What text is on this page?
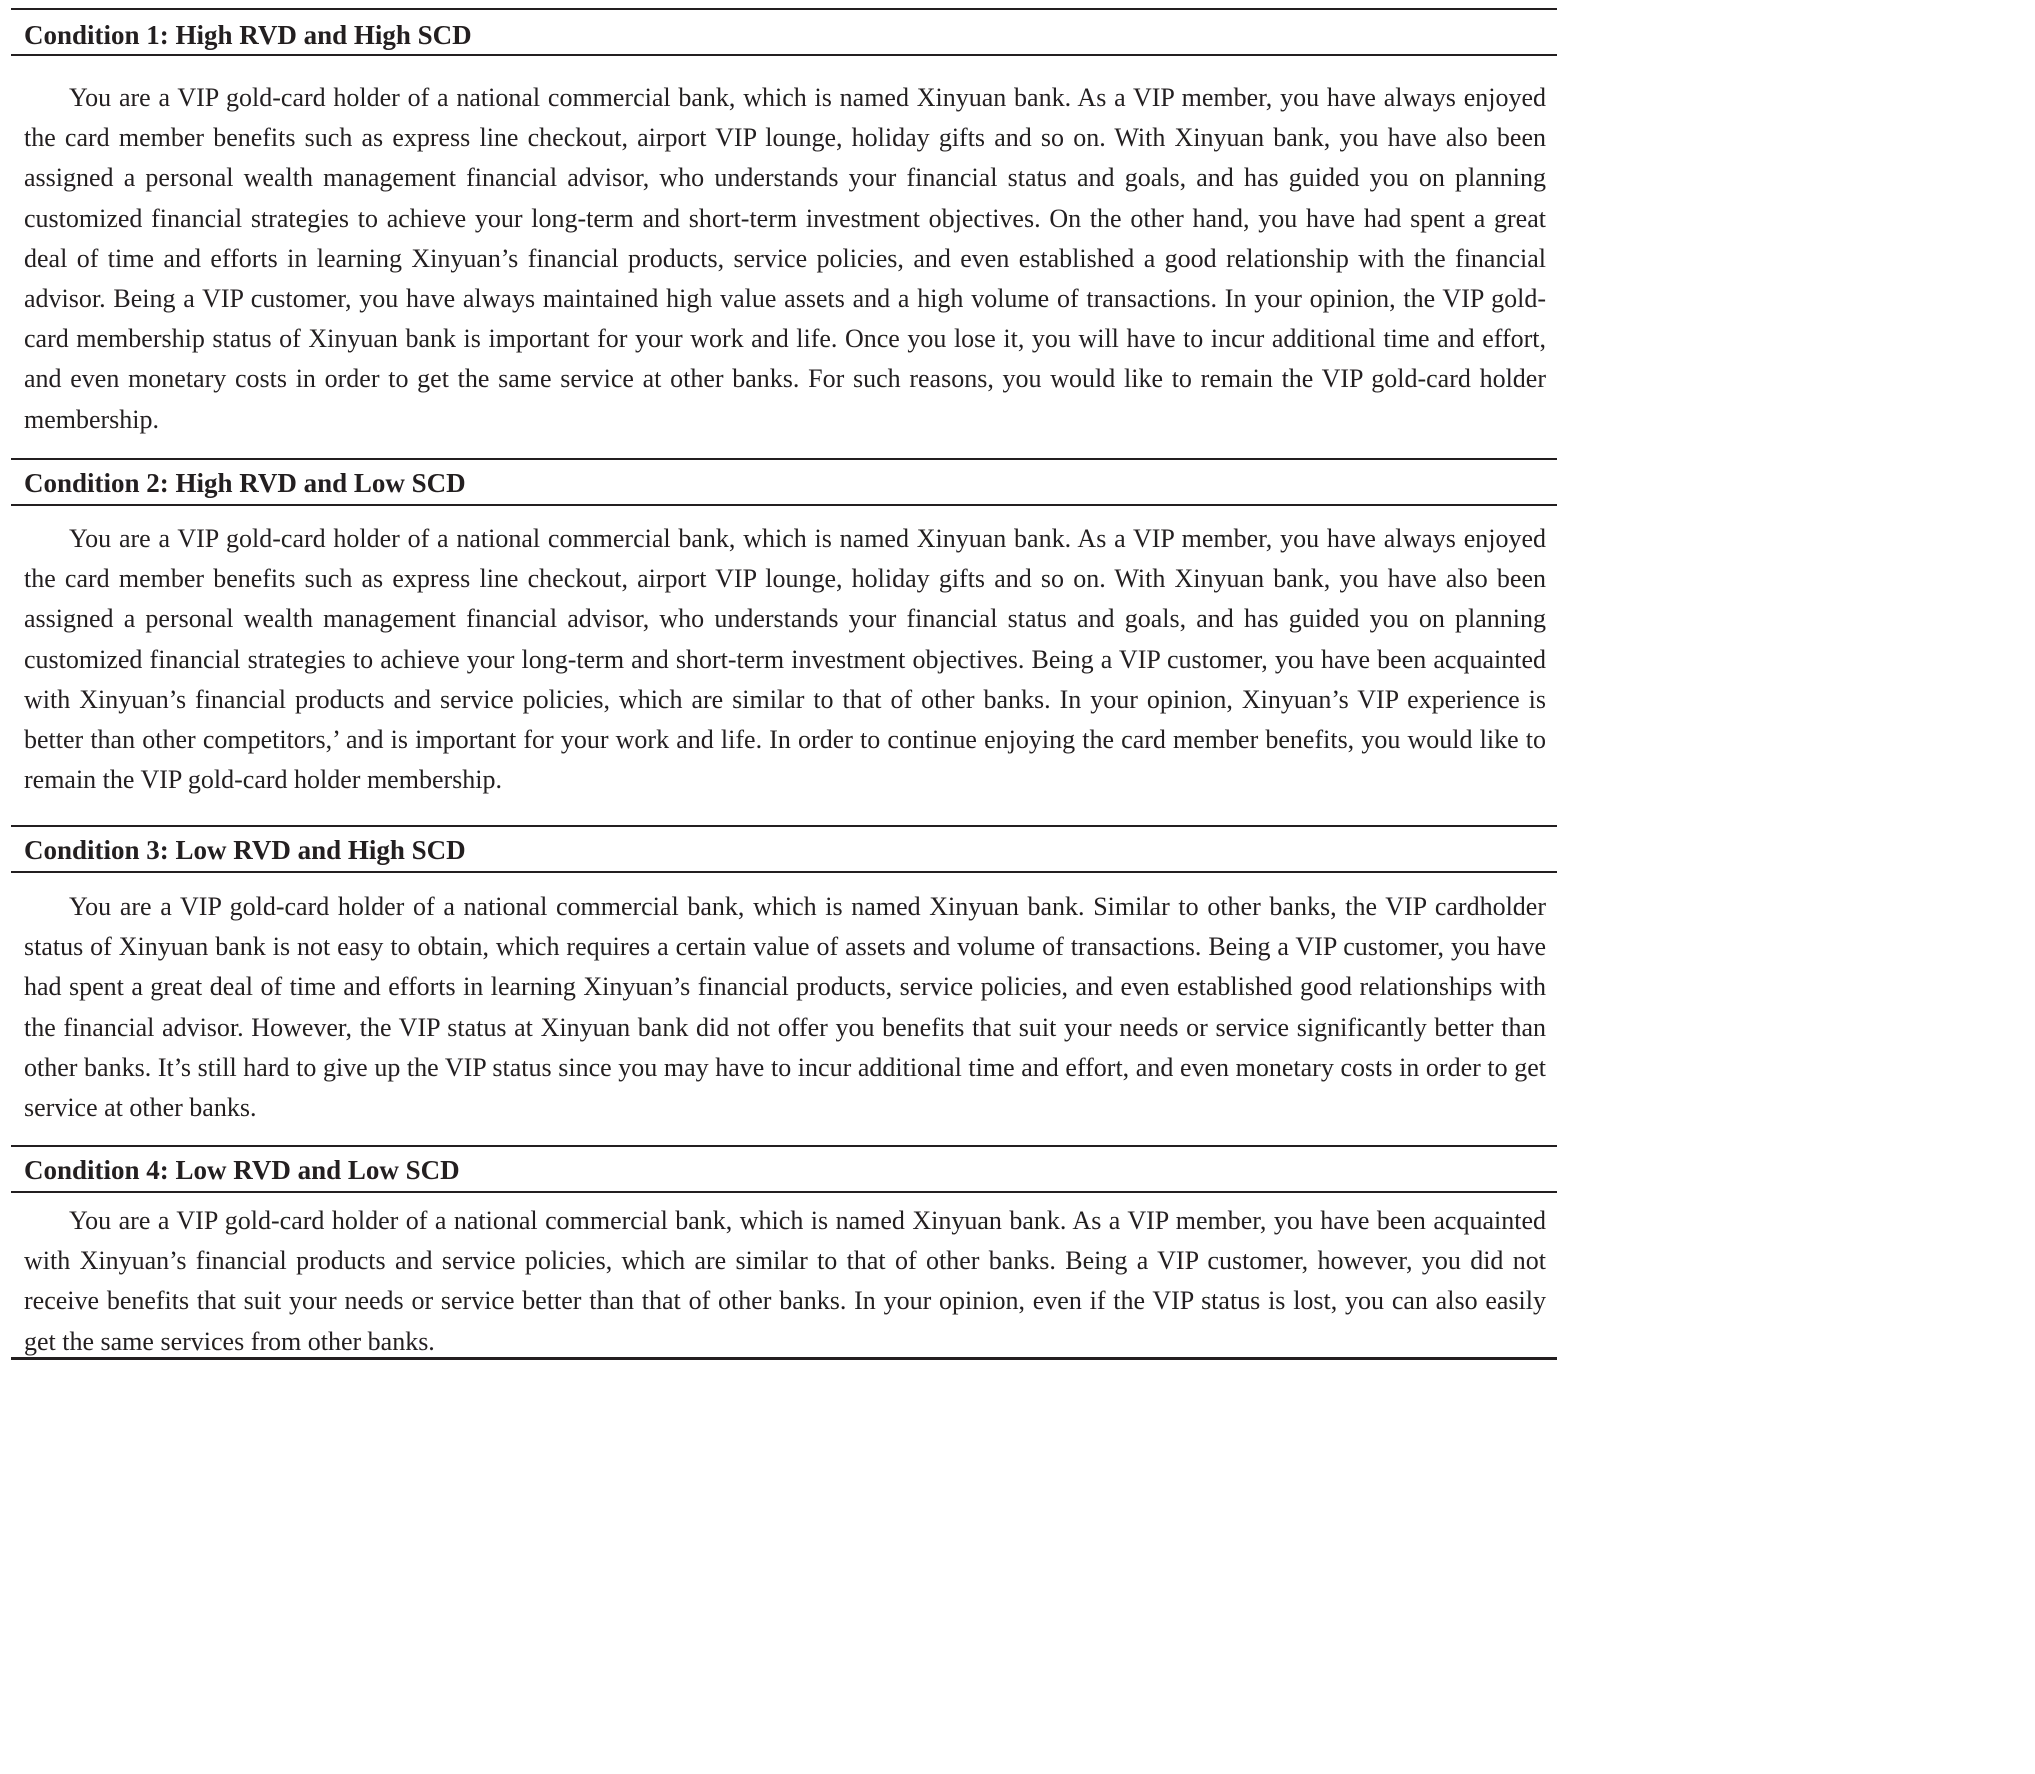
Condition 1: High RVD and High SCD

You are a VIP gold-card holder of a national commercial bank, which is named Xinyuan bank. As a VIP member, you have always enjoyed the card member benefits such as express line checkout, airport VIP lounge, holiday gifts and so on. With Xinyuan bank, you have also been assigned a personal wealth management financial advisor, who understands your financial status and goals, and has guided you on planning customized financial strategies to achieve your long-term and short-term investment objectives. On the other hand, you have had spent a great deal of time and efforts in learning Xinyuan’s financial products, service policies, and even established a good relationship with the financial advisor. Being a VIP customer, you have always maintained high value assets and a high volume of transactions. In your opinion, the VIP gold-card membership status of Xinyuan bank is important for your work and life. Once you lose it, you will have to incur additional time and effort, and even monetary costs in order to get the same service at other banks. For such reasons, you would like to remain the VIP gold-card holder membership.

Condition 2: High RVD and Low SCD

You are a VIP gold-card holder of a national commercial bank, which is named Xinyuan bank. As a VIP member, you have always enjoyed the card member benefits such as express line checkout, airport VIP lounge, holiday gifts and so on. With Xinyuan bank, you have also been assigned a personal wealth management financial advisor, who understands your financial status and goals, and has guided you on planning customized financial strategies to achieve your long-term and short-term investment objectives. Being a VIP customer, you have been acquainted with Xinyuan’s financial products and service policies, which are similar to that of other banks. In your opinion, Xinyuan’s VIP experience is better than other competitors,’ and is important for your work and life. In order to continue enjoying the card member benefits, you would like to remain the VIP gold-card holder membership.

Condition 3: Low RVD and High SCD

You are a VIP gold-card holder of a national commercial bank, which is named Xinyuan bank. Similar to other banks, the VIP cardholder status of Xinyuan bank is not easy to obtain, which requires a certain value of assets and volume of transactions. Being a VIP customer, you have had spent a great deal of time and efforts in learning Xinyuan’s financial products, service policies, and even established good relationships with the financial advisor. However, the VIP status at Xinyuan bank did not offer you benefits that suit your needs or service significantly better than other banks. It’s still hard to give up the VIP status since you may have to incur additional time and effort, and even monetary costs in order to get service at other banks.

Condition 4: Low RVD and Low SCD

You are a VIP gold-card holder of a national commercial bank, which is named Xinyuan bank. As a VIP member, you have been acquainted with Xinyuan’s financial products and service policies, which are similar to that of other banks. Being a VIP customer, however, you did not receive benefits that suit your needs or service better than that of other banks. In your opinion, even if the VIP status is lost, you can also easily get the same services from other banks.
